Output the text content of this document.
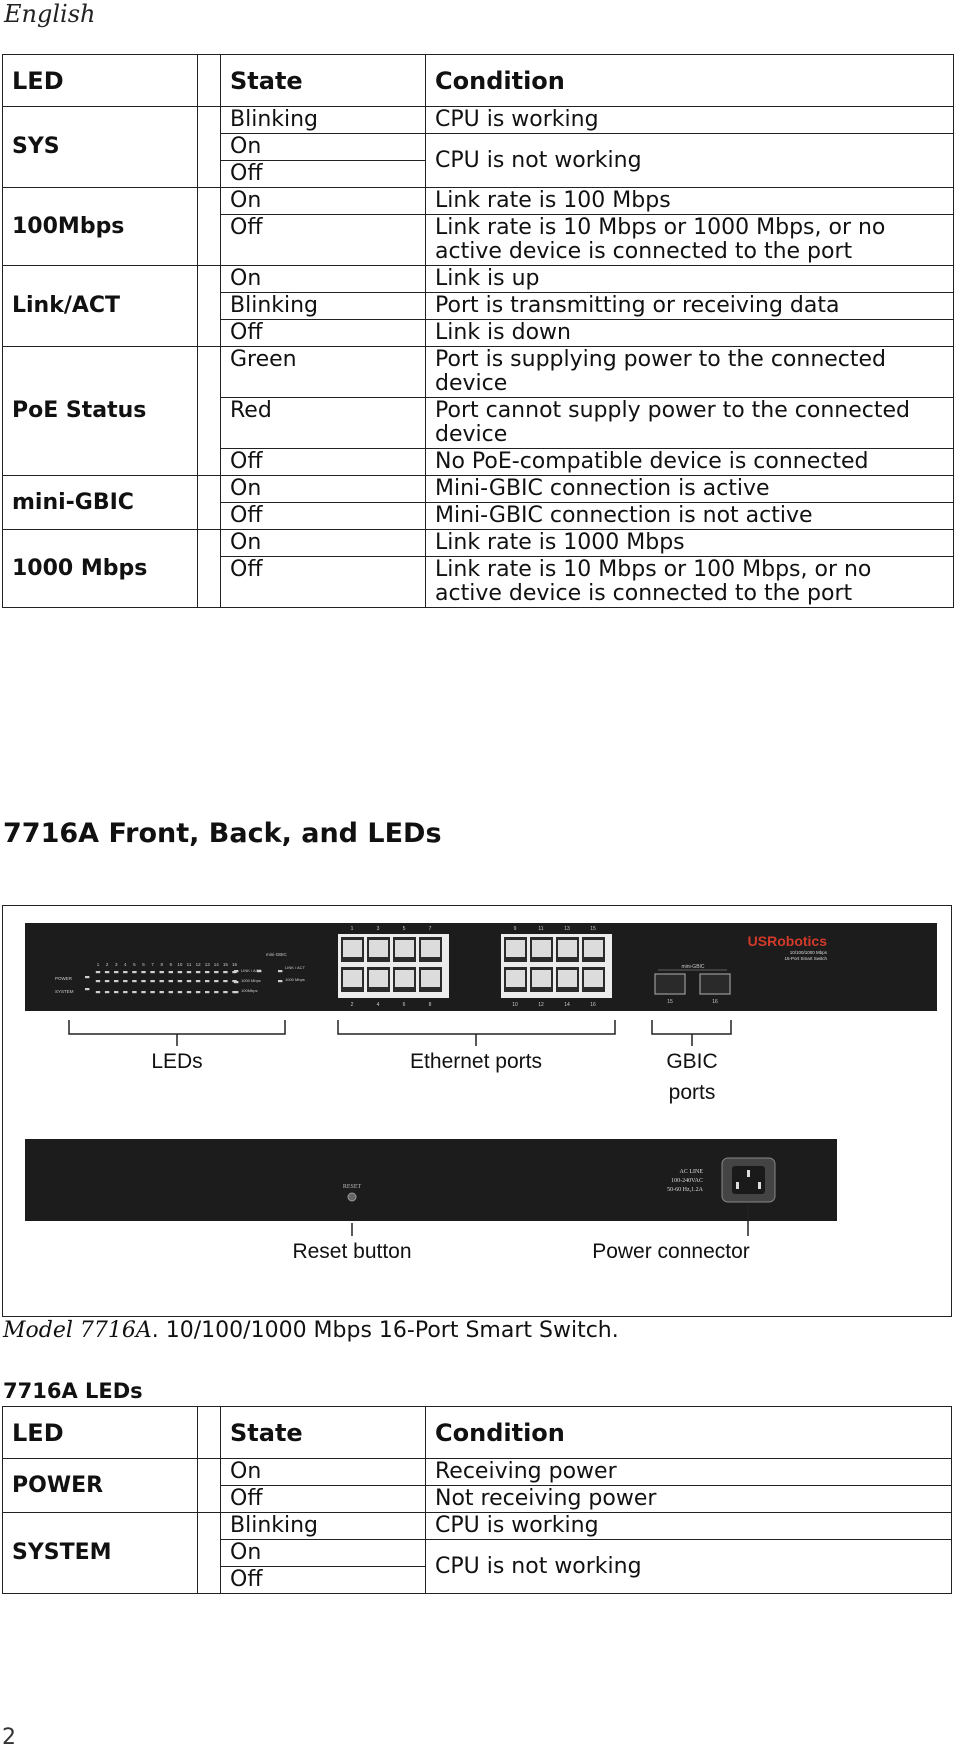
English
LED		State	Condition
SYS		Blinking	CPU is working
		On	CPU is not working
		Off	
100Mbps		On	Link rate is 100 Mbps
		Off	Link rate is 10 Mbps or 1000 Mbps, or no active device is connected to the port
Link/ACT		On	Link is up
		Blinking	Port is transmitting or receiving data
		Off	Link is down
PoE Status		Green	Port is supplying power to the connected device
		Red	Port cannot supply power to the connected device
		Off	No PoE-compatible device is connected
mini-GBIC		On	Mini-GBIC connection is active
		Off	Mini-GBIC connection is not active
1000 Mbps		On	Link rate is 1000 Mbps
		Off	Link rate is 10 Mbps or 100 Mbps, or no active device is connected to the port
7716A Front, Back, and LEDs
mini-GBIC
1 2 3 4 5 6 7 8 9 10 11 12 13 14 15 16
POWER
SYSTEM
LINK / ACT
LINK / ACT
1000 Mbps
1000 Mbps
100Mbps
1
2
3
4
5
6
7
8
9
10
11
12
13
14
15
16
mini-GBIC
15	16
USRobotics
10/100/1000 Mbps
16-Port Smart Switch
LEDs	Ethernet ports	GBIC
ports
RESET
AC LINE
100-240VAC
50-60 Hz,1.2A
Reset button	Power connector
Model 7716A. 10/100/1000 Mbps 16-Port Smart Switch.
7716A LEDs
LED		State	Condition
POWER		On	Receiving power
		Off	Not receiving power
SYSTEM		Blinking	CPU is working
		On	CPU is not working
		Off	
2
